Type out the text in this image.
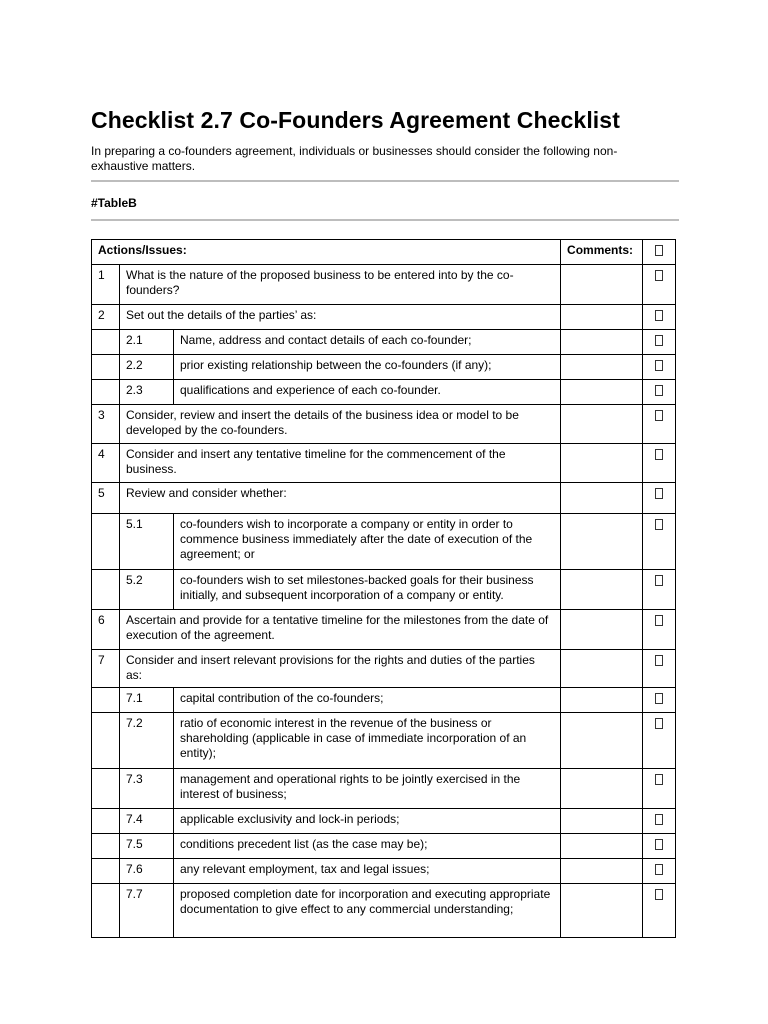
Checklist 2.7 Co-Founders Agreement Checklist

In preparing a co-founders agreement, individuals or businesses should consider the following non-exhaustive matters.

#TableB
Actions/Issues:			Comments:	
1	What is the nature of the proposed business to be entered into by the co-founders?			
2	Set out the details of the parties’ as:			
	2.1	Name, address and contact details of each co-founder;		
	2.2	prior existing relationship between the co-founders (if any);		
	2.3	qualifications and experience of each co-founder.		
3	Consider, review and insert the details of the business idea or model to be developed by the co-founders.			
4	Consider and insert any tentative timeline for the commencement of the business.			
5	Review and consider whether:			
	5.1	co-founders wish to incorporate a company or entity in order to commence business immediately after the date of execution of the agreement; or		
	5.2	co-founders wish to set milestones-backed goals for their business initially, and subsequent incorporation of a company or entity.		
6	Ascertain and provide for a tentative timeline for the milestones from the date of execution of the agreement.			
7	Consider and insert relevant provisions for the rights and duties of the parties as:			
	7.1	capital contribution of the co-founders;		
	7.2	ratio of economic interest in the revenue of the business or shareholding (applicable in case of immediate incorporation of an entity);		
	7.3	management and operational rights to be jointly exercised in the interest of business;		
	7.4	applicable exclusivity and lock-in periods;		
	7.5	conditions precedent list (as the case may be);		
	7.6	any relevant employment, tax and legal issues;		
	7.7	proposed completion date for incorporation and executing appropriate documentation to give effect to any commercial understanding;		
